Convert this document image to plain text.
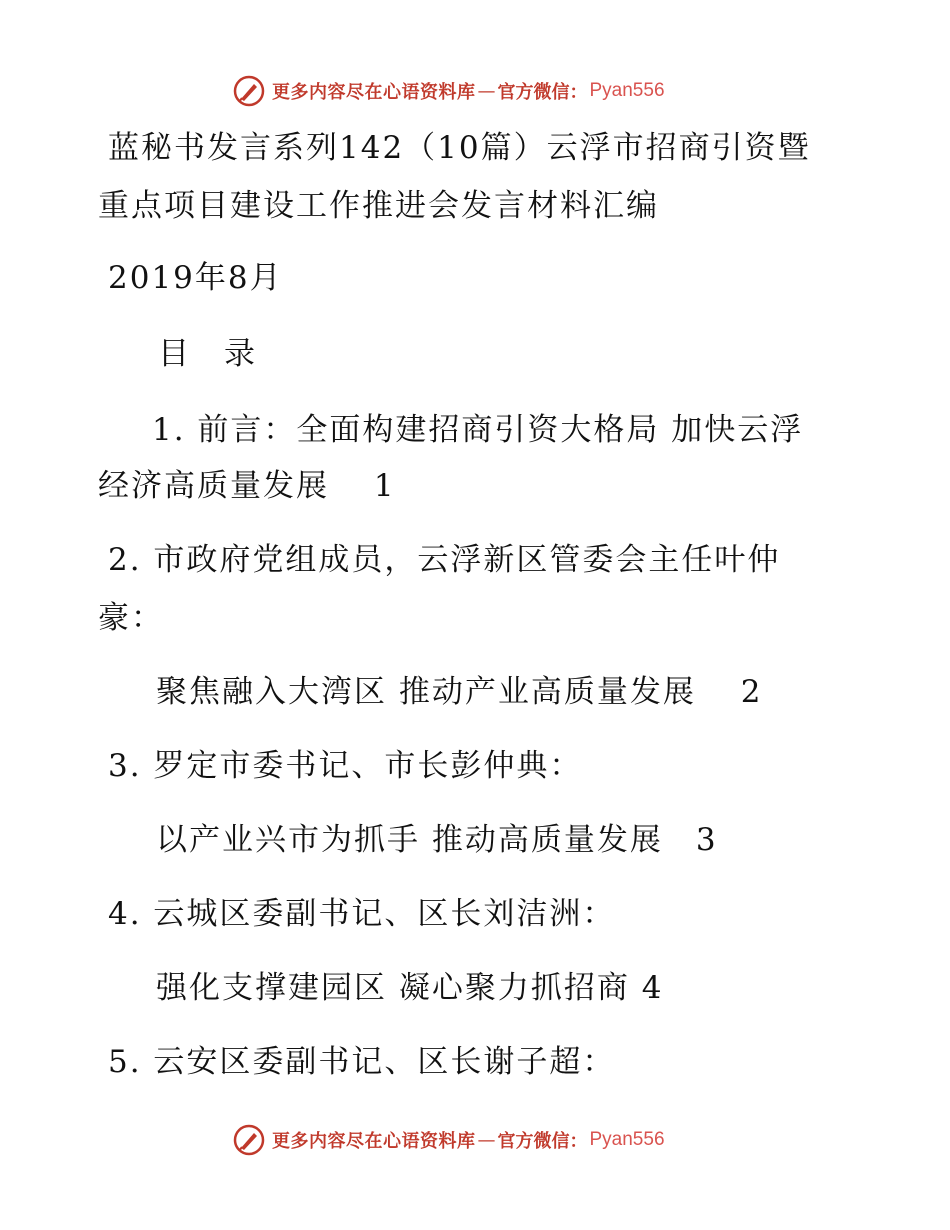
更多内容尽在心语资料库 — 官方微信： Pyan556
蓝秘书发言系列142（10篇）云浮市招商引资暨
重点项目建设工作推进会发言材料汇编
2019年8月
目　录
1. 前言：全面构建招商引资大格局 加快云浮
经济高质量发展　 1
2. 市政府党组成员，云浮新区管委会主任叶仲
豪：
聚焦融入大湾区 推动产业高质量发展　 2
3. 罗定市委书记、市长彭仲典：
以产业兴市为抓手 推动高质量发展　3
4. 云城区委副书记、区长刘洁洲：
强化支撑建园区 凝心聚力抓招商 4
5. 云安区委副书记、区长谢子超：
更多内容尽在心语资料库 — 官方微信： Pyan556
